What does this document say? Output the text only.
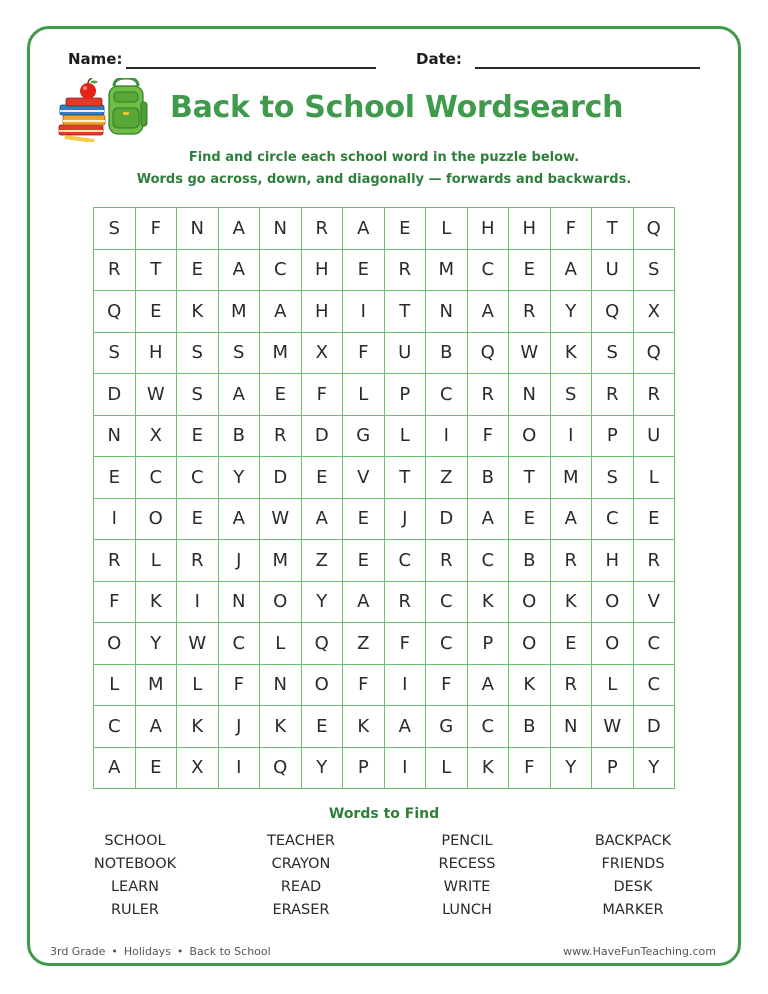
Name:	Date:
Back to School Wordsearch
Find and circle each school word in the puzzle below.
Words go across, down, and diagonally — forwards and backwards.
S	F	N	A	N	R	A	E	L	H	H	F	T	Q
R	T	E	A	C	H	E	R	M	C	E	A	U	S
Q	E	K	M	A	H	I	T	N	A	R	Y	Q	X
S	H	S	S	M	X	F	U	B	Q	W	K	S	Q
D	W	S	A	E	F	L	P	C	R	N	S	R	R
N	X	E	B	R	D	G	L	I	F	O	I	P	U
E	C	C	Y	D	E	V	T	Z	B	T	M	S	L
I	O	E	A	W	A	E	J	D	A	E	A	C	E
R	L	R	J	M	Z	E	C	R	C	B	R	H	R
F	K	I	N	O	Y	A	R	C	K	O	K	O	V
O	Y	W	C	L	Q	Z	F	C	P	O	E	O	C
L	M	L	F	N	O	F	I	F	A	K	R	L	C
C	A	K	J	K	E	K	A	G	C	B	N	W	D
A	E	X	I	Q	Y	P	I	L	K	F	Y	P	Y
Words to Find
SCHOOL	TEACHER	PENCIL	BACKPACK
NOTEBOOK	CRAYON	RECESS	FRIENDS
LEARN	READ	WRITE	DESK
RULER	ERASER	LUNCH	MARKER
3rd Grade • Holidays • Back to School	www.HaveFunTeaching.com
